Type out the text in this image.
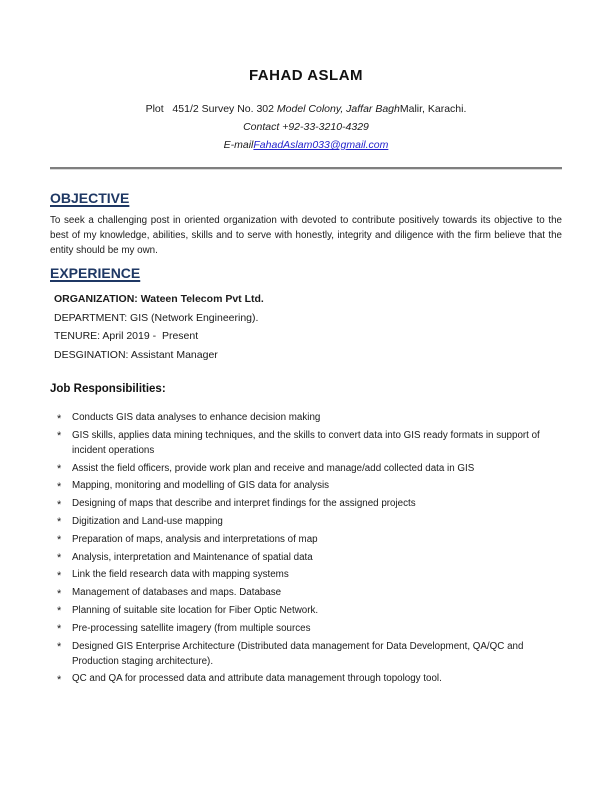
FAHAD ASLAM
Plot   451/2 Survey No. 302 Model Colony, Jaffar BaghMalir, Karachi.
Contact +92-33-3210-4329
E-mailFahadAslam033@gmail.com
OBJECTIVE

To seek a challenging post in oriented organization with devoted to contribute positively towards its objective to the best of my knowledge, abilities, skills and to serve with honestly, integrity and diligence with the firm believe that the entity should be my own.

EXPERIENCE
ORGANIZATION: Wateen Telecom Pvt Ltd.
DEPARTMENT: GIS (Network Engineering).
TENURE: April 2019 -  Present
DESGINATION: Assistant Manager
Job Responsibilities:
* Conducts GIS data analyses to enhance decision making
* GIS skills, applies data mining techniques, and the skills to convert data into GIS ready formats in support of incident operations
* Assist the field officers, provide work plan and receive and manage/add collected data in GIS
* Mapping, monitoring and modelling of GIS data for analysis
* Designing of maps that describe and interpret findings for the assigned projects
* Digitization and Land-use mapping
* Preparation of maps, analysis and interpretations of map
* Analysis, interpretation and Maintenance of spatial data
* Link the field research data with mapping systems
* Management of databases and maps. Database
* Planning of suitable site location for Fiber Optic Network.
* Pre-processing satellite imagery (from multiple sources
* Designed GIS Enterprise Architecture (Distributed data management for Data Development, QA/QC and Production staging architecture).
* QC and QA for processed data and attribute data management through topology tool.
